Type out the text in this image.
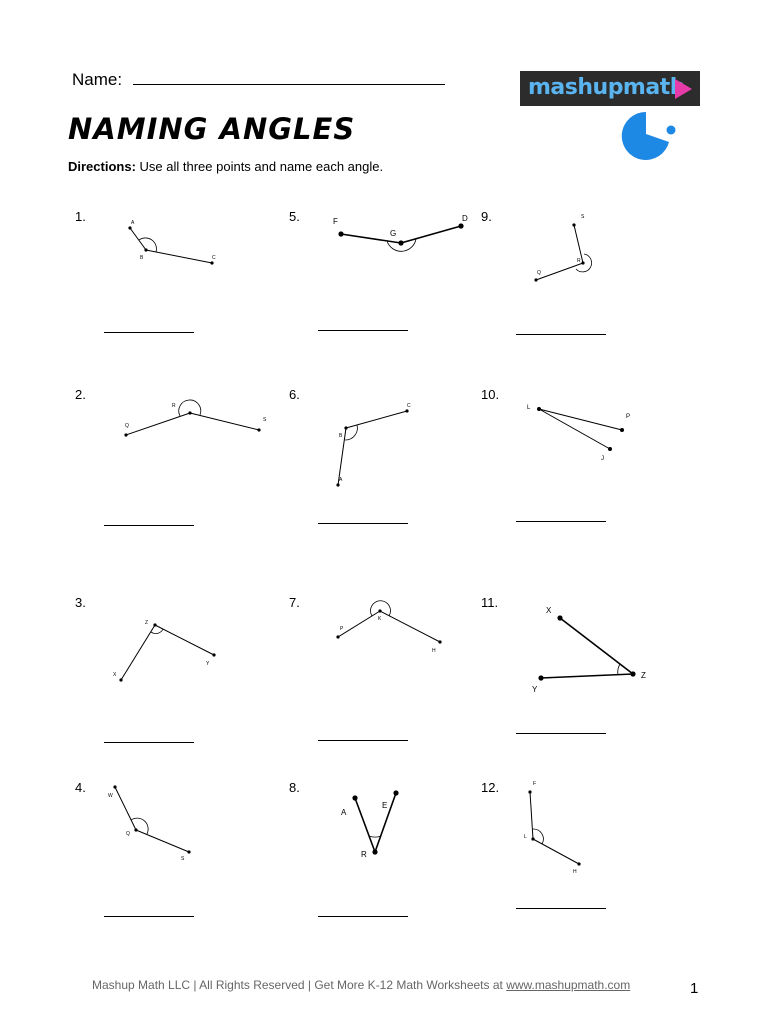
Name:	mashupmath
NAMING ANGLES
Directions: Use all three points and name each angle.
1.
2.
3.
4.
5.
6.
7.
8.
9.
10.
11.
12.
A
B	C
Q
R
S
Z
X
Y
W
Q
S
F
G
D
C
B
A
P
K
H
A
E
R
S
Q
R
L
P
J
X
Z
Y
F
L
H
Mashup Math LLC | All Rights Reserved | Get More K-12 Math Worksheets at www.mashupmath.com	1
